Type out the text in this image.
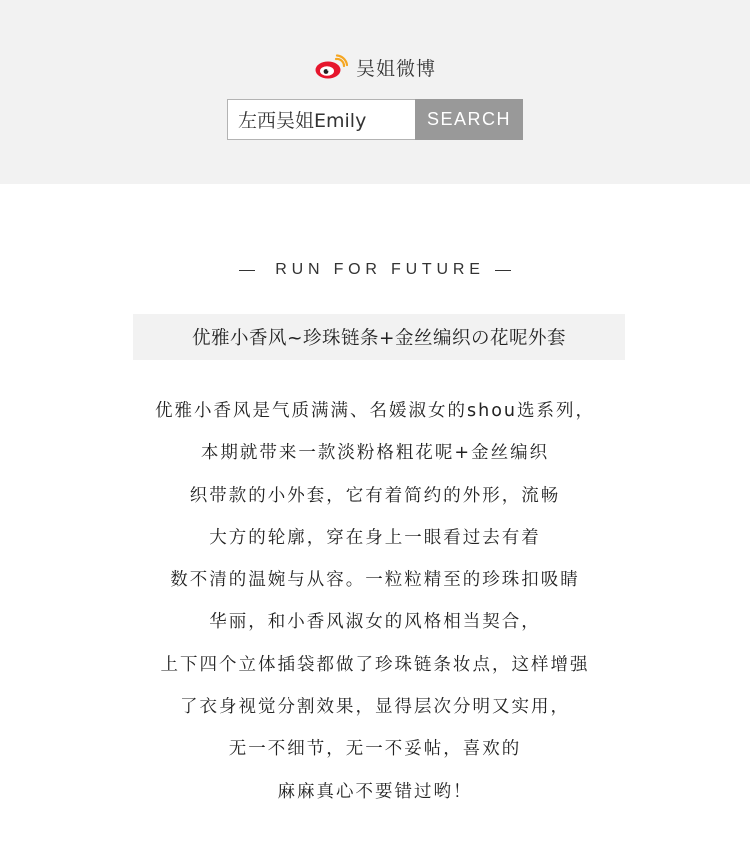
吴姐微博
左西吴姐Emily
SEARCH
RUN FOR FUTURE
优雅小香风~珍珠链条+金丝编织の花呢外套
优雅小香风是气质满满、名媛淑女的shou选系列，
本期就带来一款淡粉格粗花呢+金丝编织
织带款的小外套，它有着简约的外形，流畅
大方的轮廓，穿在身上一眼看过去有着
数不清的温婉与从容。一粒粒精至的珍珠扣吸睛
华丽，和小香风淑女的风格相当契合，
上下四个立体插袋都做了珍珠链条妆点，这样增强
了衣身视觉分割效果，显得层次分明又实用，
无一不细节，无一不妥帖，喜欢的
麻麻真心不要错过哟！
